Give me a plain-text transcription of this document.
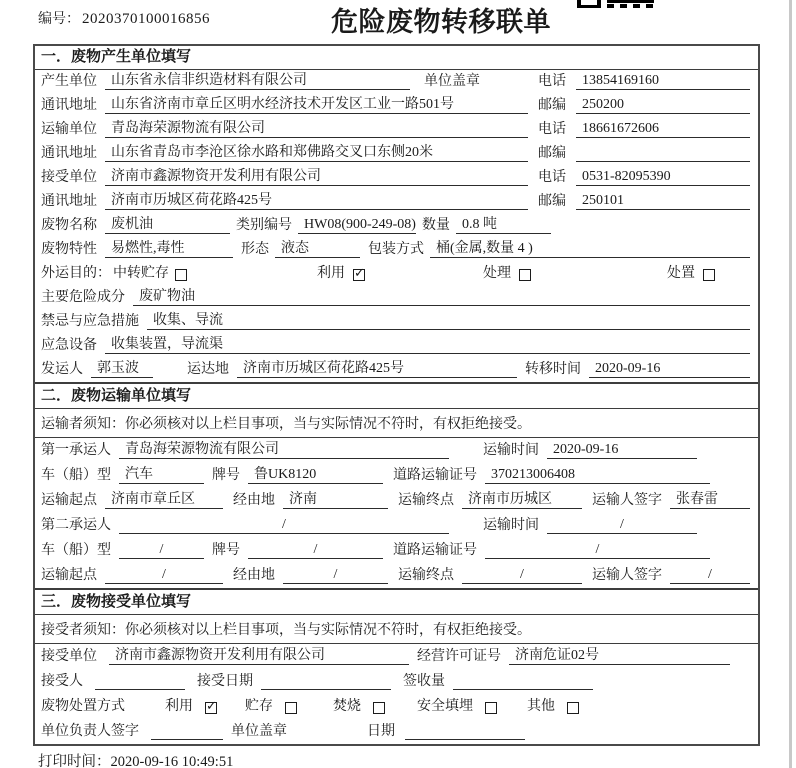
编号： 2020370100016856	危险废物转移联单
一．废物产生单位填写
产生单位	山东省永信非织造材料有限公司	单位盖章	电话	13854169160
通讯地址	山东省济南市章丘区明水经济技术开发区工业一路501号	邮编	250200
运输单位	青岛海荣源物流有限公司	电话	18661672606
通讯地址	山东省青岛市李沧区徐水路和郑佛路交叉口东侧20米	邮编
接受单位	济南市鑫源物资开发利用有限公司	电话	0531-82095390
通讯地址	济南市历城区荷花路425号	邮编	250101
废物名称	废机油	类别编号 HW08(900-249-08) 数量 0.8 吨
废物特性	易燃性,毒性	形态 液态	包装方式 桶(金属,数量 4 )
外运目的： 中转贮存	利用 ✓	处理	处置
主要危险成分	废矿物油
禁忌与应急措施	收集、导流
应急设备	收集装置，导流渠
发运人	郭玉波	运达地	济南市历城区荷花路425号	转移时间	2020-09-16
二．废物运输单位填写
运输者须知：你必须核对以上栏目事项，当与实际情况不符时，有权拒绝接受。
第一承运人	青岛海荣源物流有限公司	运输时间	2020-09-16
车（船）型	汽车	牌号	鲁UK8120	道路运输证号	370213006408
运输起点	济南市章丘区	经由地	济南	运输终点	济南市历城区	运输人签字	张春雷
第二承运人	/	运输时间	/
车（船）型	/	牌号	/	道路运输证号	/
运输起点	/	经由地	/	运输终点	/	运输人签字	/
三．废物接受单位填写
接受者须知：你必须核对以上栏目事项，当与实际情况不符时，有权拒绝接受。
接受单位	济南市鑫源物资开发利用有限公司	经营许可证号	济南危证02号
接受人	接受日期	签收量
废物处置方式	利用 ✓	贮存	焚烧	安全填埋	其他
单位负责人签字	单位盖章	日期
打印时间：2020-09-16 10:49:51
